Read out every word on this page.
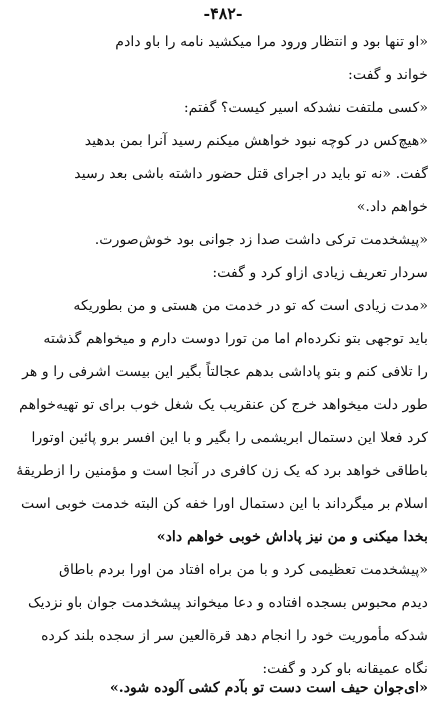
-۴۸۲-
«او تنها بود و انتظار ورود مرا میکشید نامه را باو دادم
خواند و گفت:
«کسی ملتفت نشدکه اسیر کیست؟ گفتم:
«هیچ‌کس در کوچه نبود خواهش میکنم رسید آنرا بمن بدهید
گفت. «نه تو باید در اجرای قتل حضور داشته باشی بعد رسید
خواهم داد.»
«پیشخدمت ترکی داشت صدا زد جوانی بود خوش‌صورت.
سردار تعریف زیادی ازاو کرد و گفت:
«مدت زیادی است که تو در خدمت من هستی و من بطوریکه
باید توجهی بتو نکرده‌ام اما من تورا دوست دارم و میخواهم گذشته
را تلافی کنم و بتو پاداشی بدهم عجالتاً بگیر این بیست اشرفی را و هر
طور دلت میخواهد خرج کن عنقریب یک شغل خوب برای تو تهیه‌خواهم
کرد فعلا این دستمال ابریشمی را بگیر و با این افسر برو پائین اوتورا
باطاقی خواهد برد که یک زن کافری در آنجا است و مؤمنین را ازطریقهٔ
اسلام بر میگرداند با این دستمال اورا خفه کن البته خدمت خوبی است
بخدا میکنی و من نیز پاداش خوبی خواهم داد»
«پیشخدمت تعظیمی کرد و با من براه افتاد من اورا بردم باطاق
دیدم محبوس بسجده افتاده و دعا میخواند پیشخدمت جوان باو نزدیک
شدکه مأموریت خود را انجام دهد قرةالعین سر از سجده بلند کرده
نگاه عمیقانه باو کرد و گفت:
«ای‌جوان حیف است دست تو بآدم کشی آلوده شود.»
